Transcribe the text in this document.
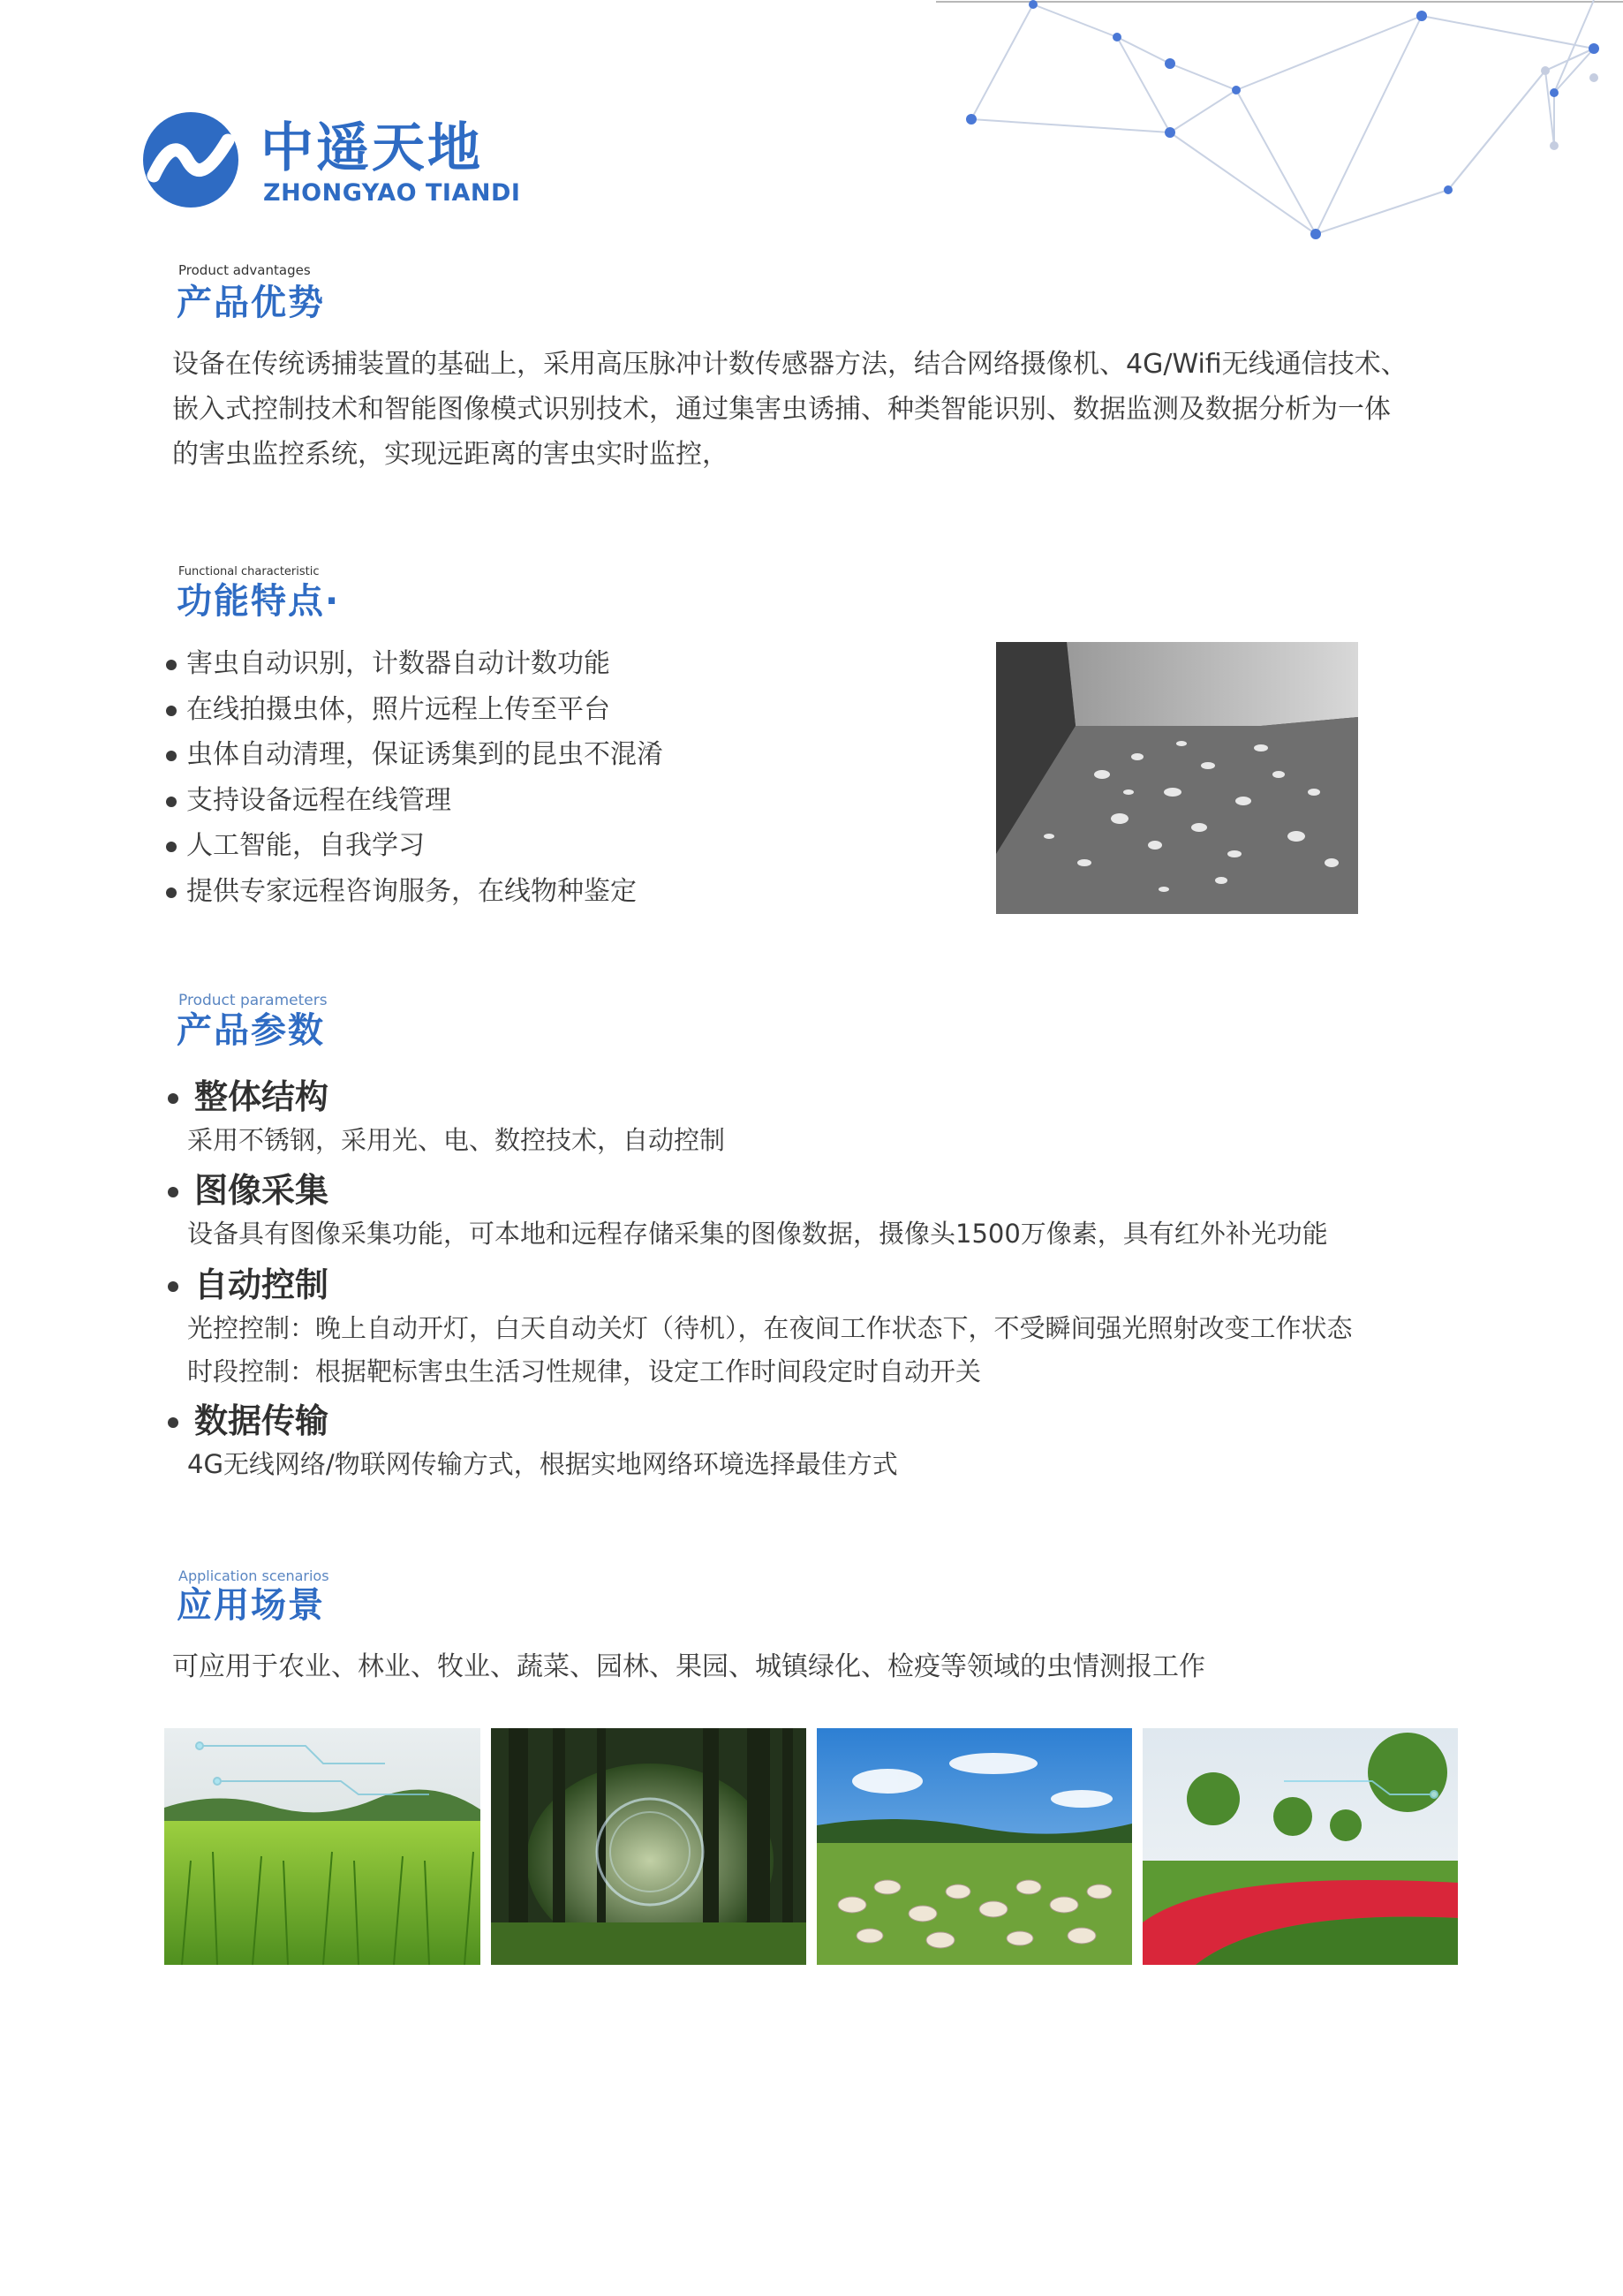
中遥天地
ZHONGYAO TIANDI
Product advantages
产品优势
设备在传统诱捕装置的基础上，采用高压脉冲计数传感器方法，结合网络摄像机、4G/Wifi无线通信技术、
嵌入式控制技术和智能图像模式识别技术，通过集害虫诱捕、种类智能识别、数据监测及数据分析为一体
的害虫监控系统，实现远距离的害虫实时监控，
Functional characteristic
功能特点·
害虫自动识别，计数器自动计数功能
在线拍摄虫体，照片远程上传至平台
虫体自动清理，保证诱集到的昆虫不混淆
支持设备远程在线管理
人工智能，自我学习
提供专家远程咨询服务，在线物种鉴定
Product parameters
产品参数
整体结构
采用不锈钢，采用光、电、数控技术，自动控制
图像采集
设备具有图像采集功能，可本地和远程存储采集的图像数据，摄像头1500万像素，具有红外补光功能
自动控制
光控控制：晚上自动开灯，白天自动关灯（待机），在夜间工作状态下，不受瞬间强光照射改变工作状态
时段控制：根据靶标害虫生活习性规律，设定工作时间段定时自动开关
数据传输
4G无线网络/物联网传输方式，根据实地网络环境选择最佳方式
Application scenarios
应用场景
可应用于农业、林业、牧业、蔬菜、园林、果园、城镇绿化、检疫等领域的虫情测报工作
